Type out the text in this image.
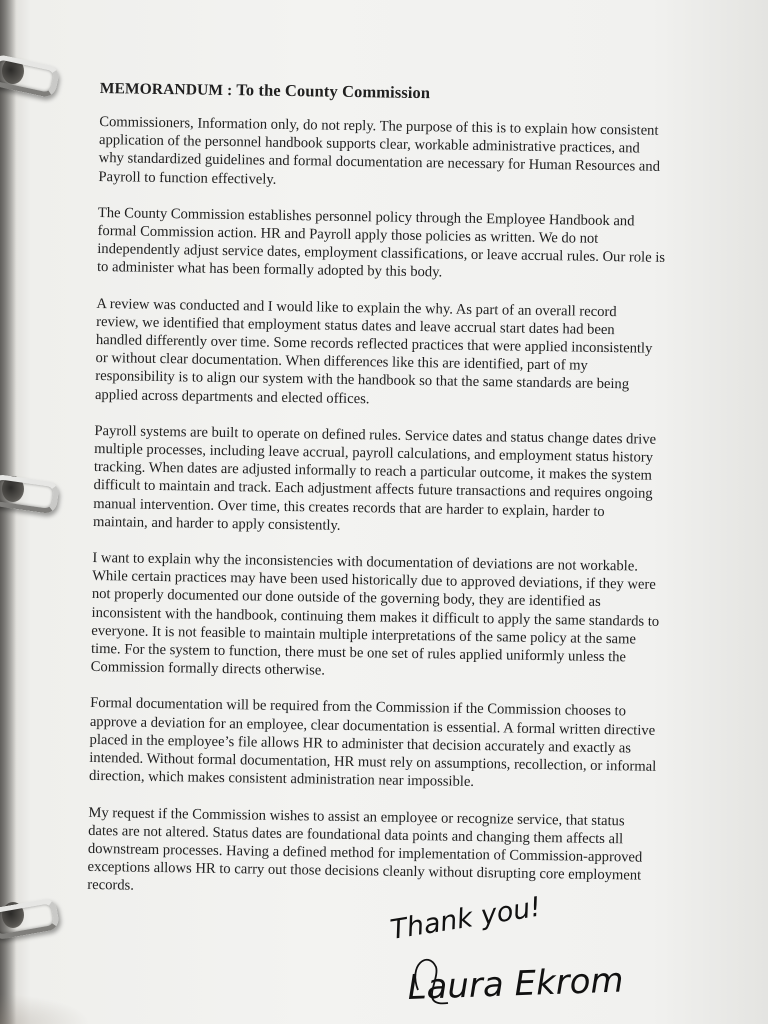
MEMORANDUM : To the County Commission

Commissioners, Information only, do not reply. The purpose of this is to explain how consistent
application of the personnel handbook supports clear, workable administrative practices, and
why standardized guidelines and formal documentation are necessary for Human Resources and
Payroll to function effectively.

The County Commission establishes personnel policy through the Employee Handbook and
formal Commission action. HR and Payroll apply those policies as written. We do not
independently adjust service dates, employment classifications, or leave accrual rules. Our role is
to administer what has been formally adopted by this body.

A review was conducted and I would like to explain the why. As part of an overall record
review, we identified that employment status dates and leave accrual start dates had been
handled differently over time. Some records reflected practices that were applied inconsistently
or without clear documentation. When differences like this are identified, part of my
responsibility is to align our system with the handbook so that the same standards are being
applied across departments and elected offices.

Payroll systems are built to operate on defined rules. Service dates and status change dates drive
multiple processes, including leave accrual, payroll calculations, and employment status history
tracking. When dates are adjusted informally to reach a particular outcome, it makes the system
difficult to maintain and track. Each adjustment affects future transactions and requires ongoing
manual intervention. Over time, this creates records that are harder to explain, harder to
maintain, and harder to apply consistently.

I want to explain why the inconsistencies with documentation of deviations are not workable.
While certain practices may have been used historically due to approved deviations, if they were
not properly documented our done outside of the governing body, they are identified as
inconsistent with the handbook, continuing them makes it difficult to apply the same standards to
everyone. It is not feasible to maintain multiple interpretations of the same policy at the same
time. For the system to function, there must be one set of rules applied uniformly unless the
Commission formally directs otherwise.

Formal documentation will be required from the Commission if the Commission chooses to
approve a deviation for an employee, clear documentation is essential. A formal written directive
placed in the employee’s file allows HR to administer that decision accurately and exactly as
intended. Without formal documentation, HR must rely on assumptions, recollection, or informal
direction, which makes consistent administration near impossible.

My request if the Commission wishes to assist an employee or recognize service, that status
dates are not altered. Status dates are foundational data points and changing them affects all
downstream processes. Having a defined method for implementation of Commission-approved
exceptions allows HR to carry out those decisions cleanly without disrupting core employment
records.

Thank you!
Laura Ekrom
